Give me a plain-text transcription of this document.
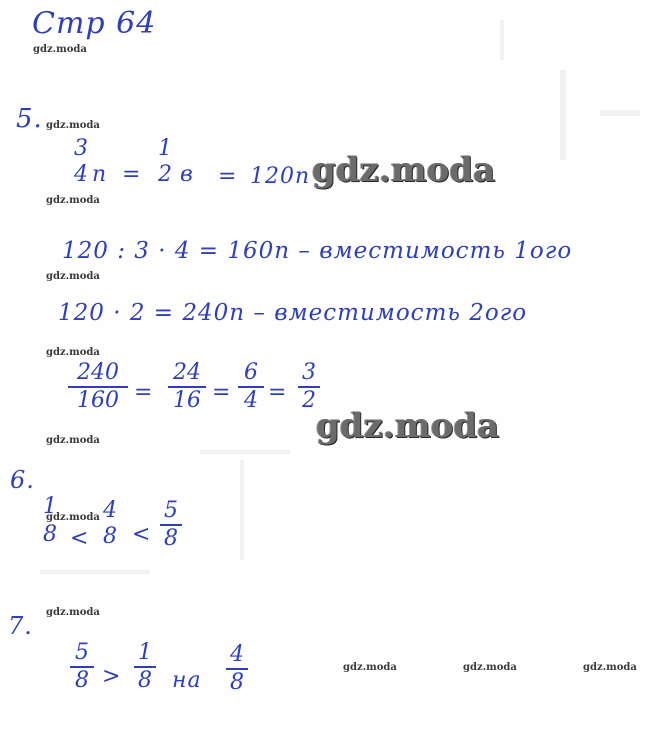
Стр 64
gdz.moda
5. gdz.moda
3
4 п =
1
2 в = 120п gdz.moda
gdz.moda
120 : 3 · 4 = 160п – вместимость 1ого
gdz.moda
120 · 2 = 240п – вместимость 2ого
gdz.moda
240
160 =
24
16 =
6
4 =
3
2
gdz.moda
gdz.moda
6.
1
8 <
4
8 <
5
8
gdz.moda
7. gdz.moda
5
8 >
1
8 на
4
8
gdz.moda	gdz.moda	gdz.moda
